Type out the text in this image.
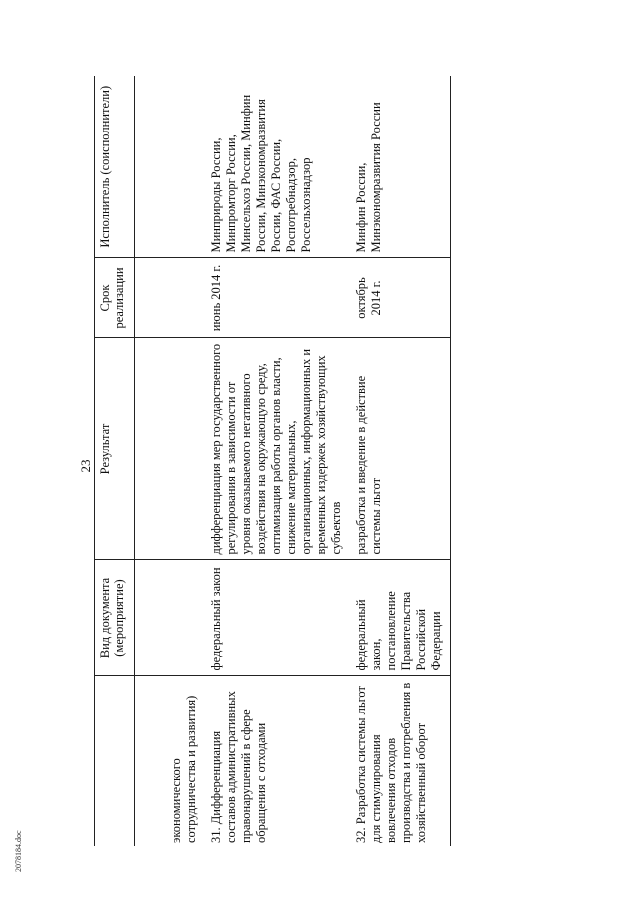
23
	Вид документа (мероприятие)	Результат	Срок реализации	Исполнитель (соисполнители)

экономического сотрудничества и развития)				
31. Дифференциация составов административных правонарушений в сфере обращения с отходами	федеральный закон	дифференциация мер государственного регулирования в зависимости от уровня оказываемого негативного воздействия на окружающую среду, оптимизация работы органов власти, снижение материальных, организационных, информационных и временных издержек хозяйствующих субъектов	июнь 2014 г.	Минприроды России, Минпромторг России, Минсельхоз России, Минфин России, Минэкономразвития России, ФАС России, Роспотребнадзор, Россельхознадзор
32. Разработка системы льгот для стимулирования вовлечения отходов производства и потребления в хозяйственный оборот	федеральный закон, постановление Правительства Российской Федерации	разработка и введение в действие системы льгот	октябрь 2014 г.	Минфин России, Минэкономразвития России
2078184.doc
